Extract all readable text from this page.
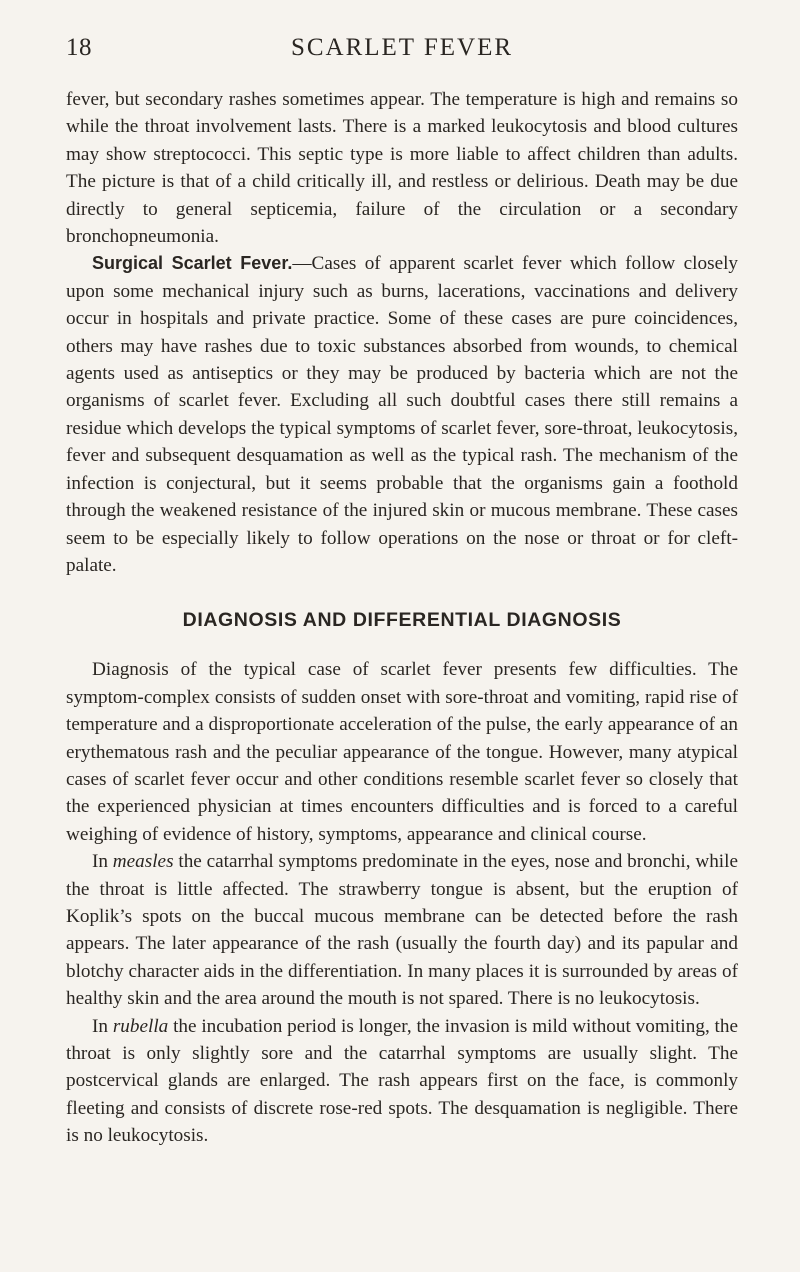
18	SCARLET FEVER

fever, but secondary rashes sometimes appear. The temperature is high and remains so while the throat involvement lasts. There is a marked leukocytosis and blood cultures may show streptococci. This septic type is more liable to affect children than adults. The picture is that of a child critically ill, and restless or delirious. Death may be due directly to general septicemia, failure of the circulation or a secondary bronchopneumonia.

Surgical Scarlet Fever.—Cases of apparent scarlet fever which follow closely upon some mechanical injury such as burns, lacerations, vaccinations and delivery occur in hospitals and private practice. Some of these cases are pure coincidences, others may have rashes due to toxic substances absorbed from wounds, to chemical agents used as antiseptics or they may be produced by bacteria which are not the organisms of scarlet fever. Excluding all such doubtful cases there still remains a residue which develops the typical symptoms of scarlet fever, sore-throat, leukocytosis, fever and subsequent desquamation as well as the typical rash. The mechanism of the infection is conjectural, but it seems probable that the organisms gain a foothold through the weakened resistance of the injured skin or mucous membrane. These cases seem to be especially likely to follow operations on the nose or throat or for cleft-palate.

DIAGNOSIS AND DIFFERENTIAL DIAGNOSIS

Diagnosis of the typical case of scarlet fever presents few difficulties. The symptom-complex consists of sudden onset with sore-throat and vomiting, rapid rise of temperature and a disproportionate acceleration of the pulse, the early appearance of an erythematous rash and the peculiar appearance of the tongue. However, many atypical cases of scarlet fever occur and other conditions resemble scarlet fever so closely that the experienced physician at times encounters difficulties and is forced to a careful weighing of evidence of history, symptoms, appearance and clinical course.

In measles the catarrhal symptoms predominate in the eyes, nose and bronchi, while the throat is little affected. The strawberry tongue is absent, but the eruption of Koplik’s spots on the buccal mucous membrane can be detected before the rash appears. The later appearance of the rash (usually the fourth day) and its papular and blotchy character aids in the differentiation. In many places it is surrounded by areas of healthy skin and the area around the mouth is not spared. There is no leukocytosis.

In rubella the incubation period is longer, the invasion is mild without vomiting, the throat is only slightly sore and the catarrhal symptoms are usually slight. The postcervical glands are enlarged. The rash appears first on the face, is commonly fleeting and consists of discrete rose-red spots. The desquamation is negligible. There is no leukocytosis.
